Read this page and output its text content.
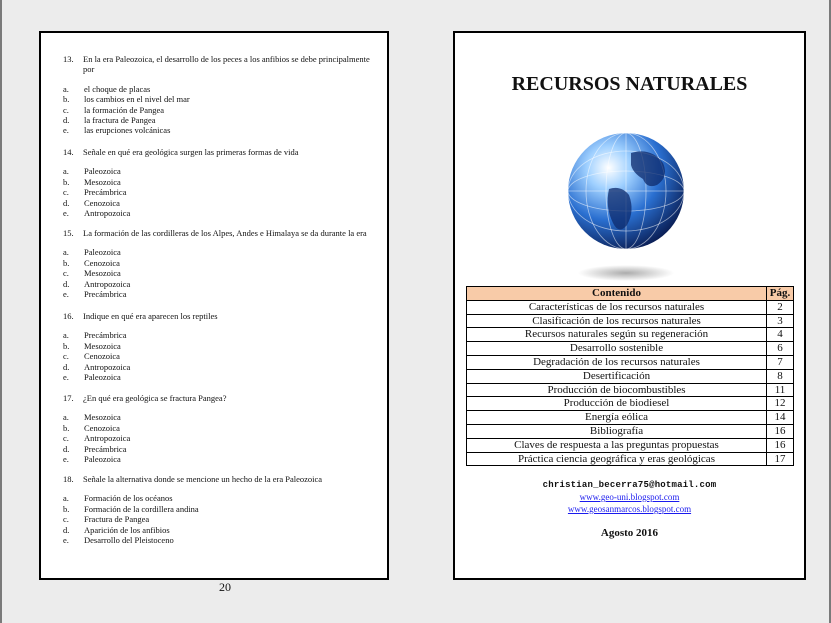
13.	En la era Paleozoica, el desarrollo de los peces a los anfibios se debe principalmente por
a.	el choque de placas
b.	los cambios en el nivel del mar
c.	la formación de Pangea
d.	la fractura de Pangea
e.	las erupciones volcánicas
14.	Señale en qué era geológica surgen las primeras formas de vida
a.	Paleozoica
b.	Mesozoica
c.	Precámbrica
d.	Cenozoica
e.	Antropozoica
15.	La formación de las cordilleras de los Alpes, Andes e Himalaya se da durante la era
a.	Paleozoica
b.	Cenozoica
c.	Mesozoica
d.	Antropozoica
e.	Precámbrica
16.	Indique en qué era aparecen los reptiles
a.	Precámbrica
b.	Mesozoica
c.	Cenozoica
d.	Antropozoica
e.	Paleozoica
17.	¿En qué era geológica se fractura Pangea?
a.	Mesozoica
b.	Cenozoica
c.	Antropozoica
d.	Precámbrica
e.	Paleozoica
18.	Señale la alternativa donde se mencione un hecho de la era Paleozoica
a.	Formación de los océanos
b.	Formación de la cordillera andina
c.	Fractura de Pangea
d.	Aparición de los anfibios
e.	Desarrollo del Pleistoceno
20
RECURSOS NATURALES
Contenido	Pág.
Características de los recursos naturales	2
Clasificación de los recursos naturales	3
Recursos naturales según su regeneración	4
Desarrollo sostenible	6
Degradación de los recursos naturales	7
Desertificación	8
Producción de biocombustibles	11
Producción de biodiesel	12
Energía eólica	14
Bibliografía	16
Claves de respuesta a las preguntas propuestas	16
Práctica ciencia geográfica y eras geológicas	17
christian_becerra75@hotmail.com
www.geo-uni.blogspot.com
www.geosanmarcos.blogspot.com
Agosto 2016
